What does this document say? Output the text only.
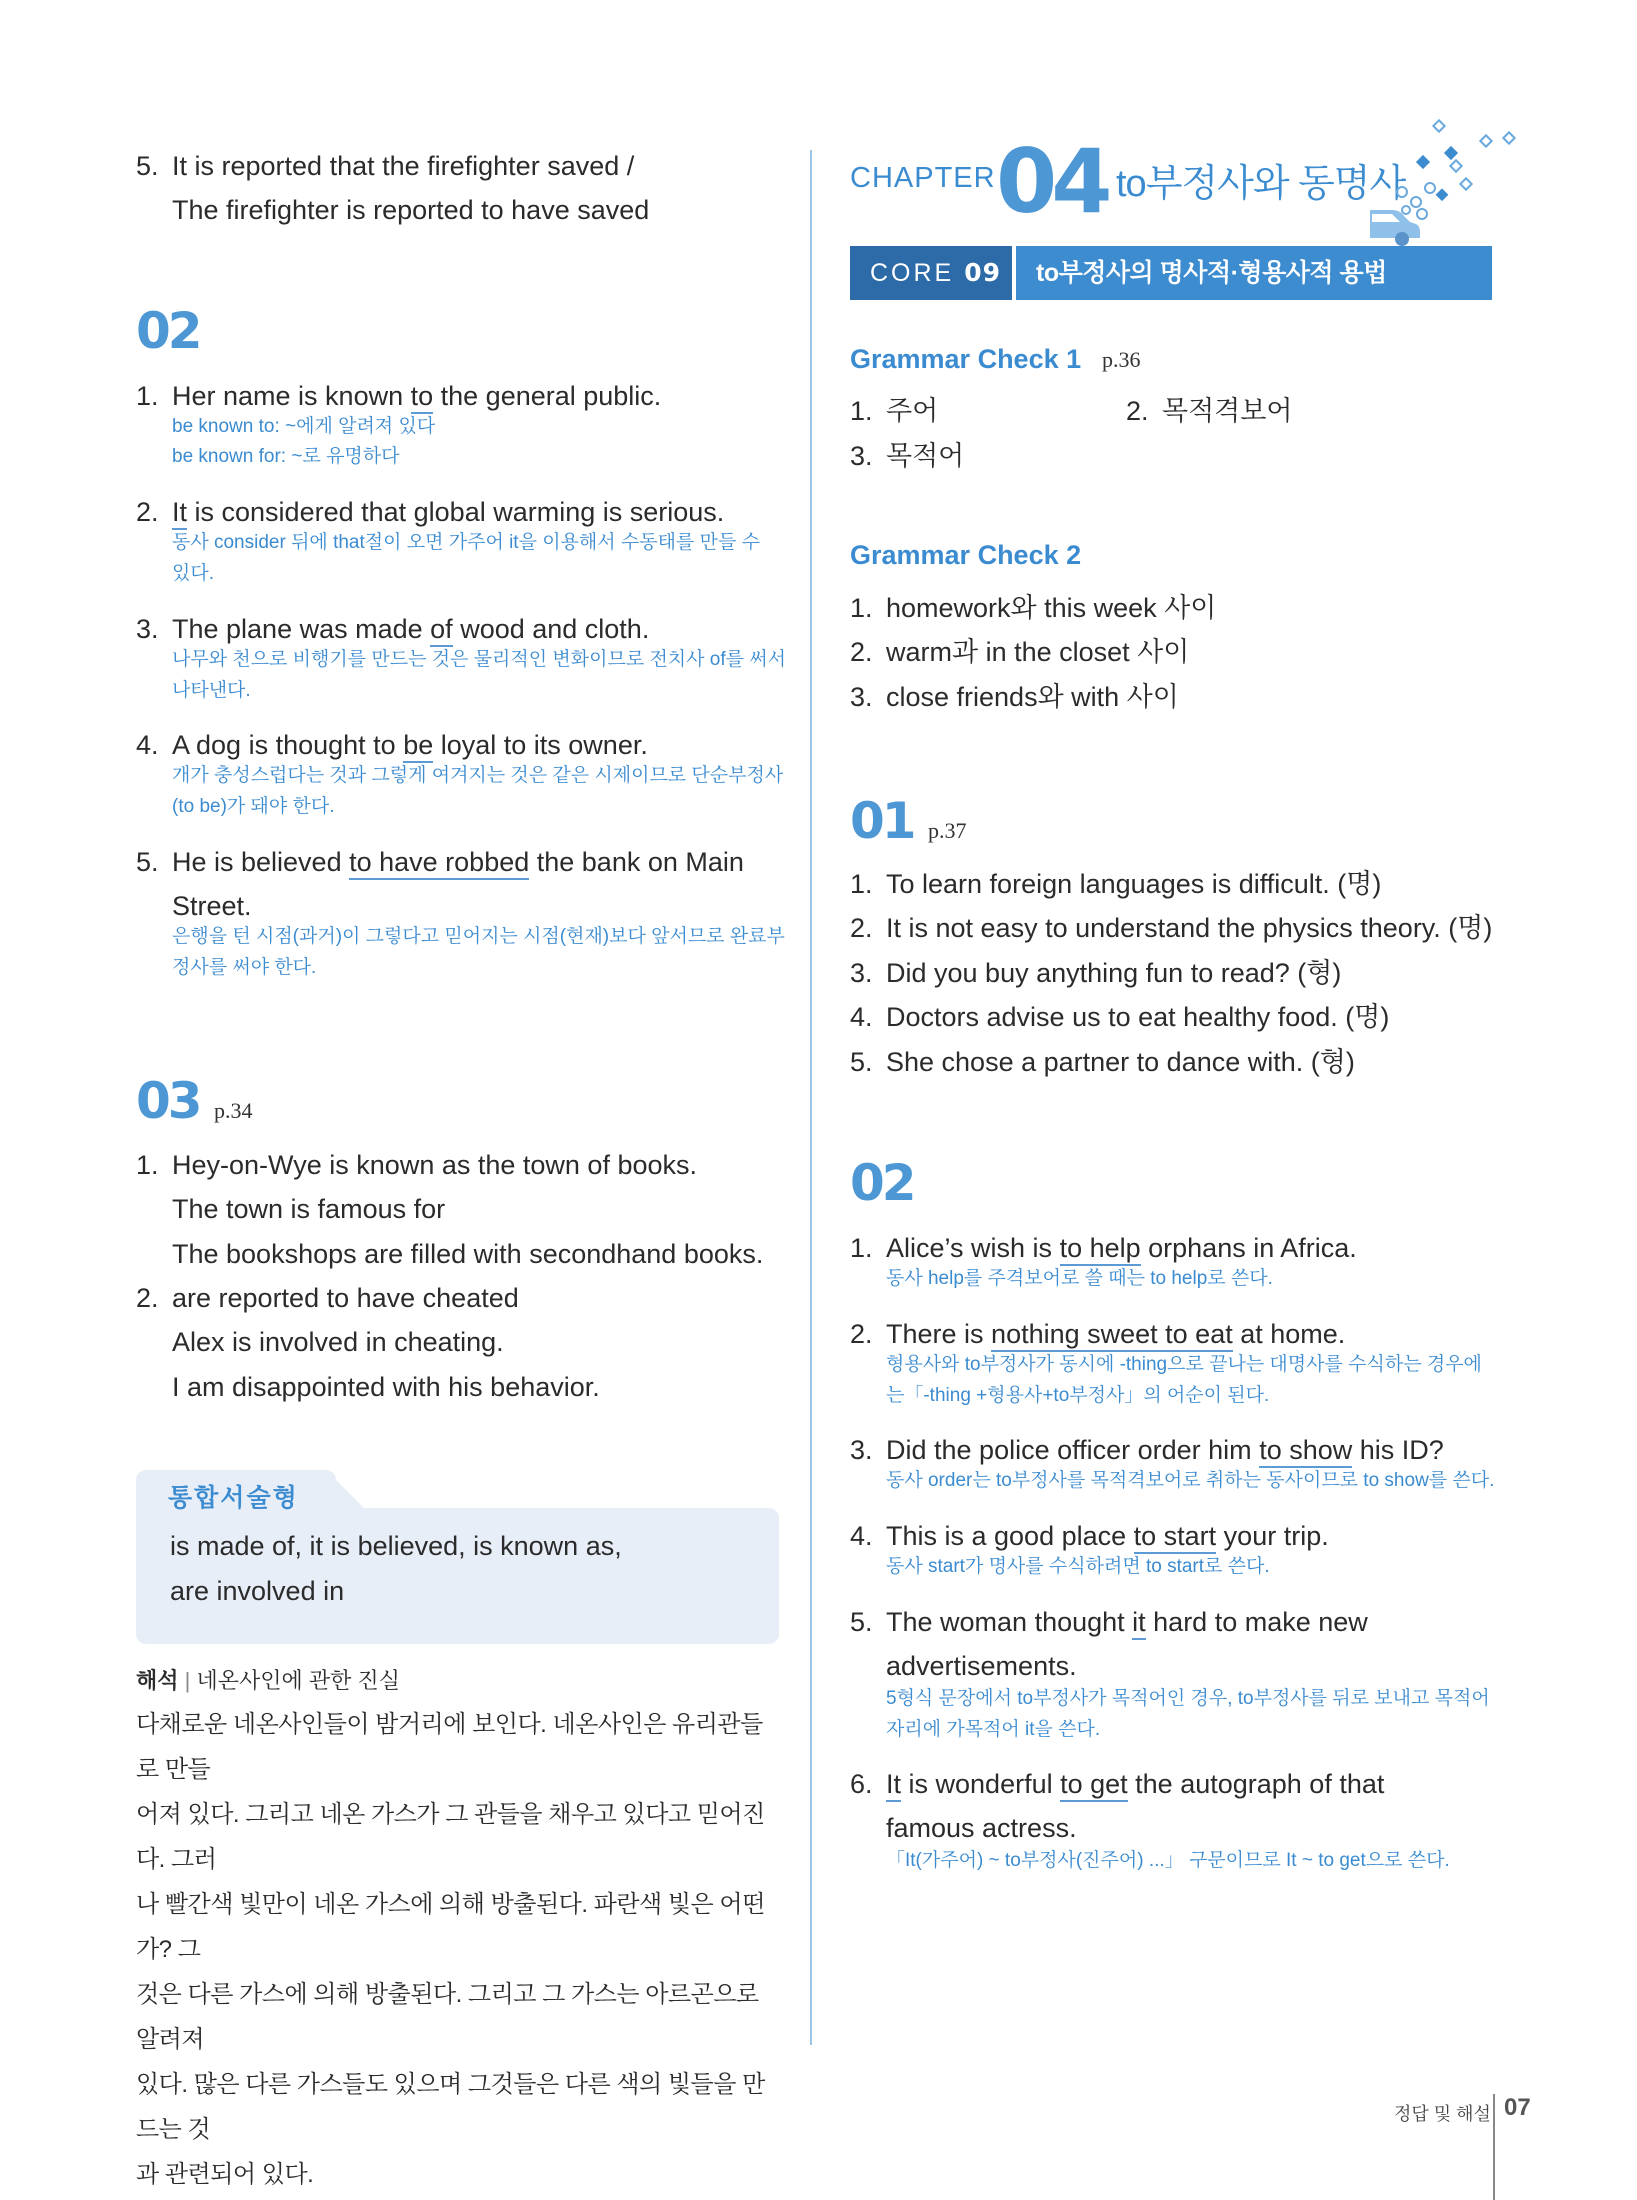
5. It is reported that the firefighter saved /
The firefighter is reported to have saved
02
1. Her name is known to the general public.
be known to: ~에게 알려져 있다
be known for: ~로 유명하다
2. It is considered that global warming is serious.
동사 consider 뒤에 that절이 오면 가주어 it을 이용해서 수동태를 만들 수
있다.
3. The plane was made of wood and cloth.
나무와 천으로 비행기를 만드는 것은 물리적인 변화이므로 전치사 of를 써서
나타낸다.
4. A dog is thought to be loyal to its owner.
개가 충성스럽다는 것과 그렇게 여겨지는 것은 같은 시제이므로 단순부정사
(to be)가 돼야 한다.
5. He is believed to have robbed the bank on Main
Street.
은행을 턴 시점(과거)이 그렇다고 믿어지는 시점(현재)보다 앞서므로 완료부
정사를 써야 한다.
03 p.34
1. Hey-on-Wye is known as the town of books.
The town is famous for
The bookshops are filled with secondhand books.
2. are reported to have cheated
Alex is involved in cheating.
I am disappointed with his behavior.
통합서술형
is made of, it is believed, is known as,
are involved in
해석 | 네온사인에 관한 진실
다채로운 네온사인들이 밤거리에 보인다. 네온사인은 유리관들로 만들
어져 있다. 그리고 네온 가스가 그 관들을 채우고 있다고 믿어진다. 그러
나 빨간색 빛만이 네온 가스에 의해 방출된다. 파란색 빛은 어떤가? 그
것은 다른 가스에 의해 방출된다. 그리고 그 가스는 아르곤으로 알려져
있다. 많은 다른 가스들도 있으며 그것들은 다른 색의 빛들을 만드는 것
과 관련되어 있다.
CHAPTER 04 to부정사와 동명사
CORE 09	to부정사의 명사적·형용사적 용법
Grammar Check 1 p.36
1. 주어	2. 목적격보어
3. 목적어
Grammar Check 2
1. homework와 this week 사이
2. warm과 in the closet 사이
3. close friends와 with 사이
01 p.37
1. To learn foreign languages is difficult. (명)
2. It is not easy to understand the physics theory. (명)
3. Did you buy anything fun to read? (형)
4. Doctors advise us to eat healthy food. (명)
5. She chose a partner to dance with. (형)
02
1. Alice’s wish is to help orphans in Africa.
동사 help를 주격보어로 쓸 때는 to help로 쓴다.
2. There is nothing sweet to eat at home.
형용사와 to부정사가 동시에 -thing으로 끝나는 대명사를 수식하는 경우에
는「-thing +형용사+to부정사」의 어순이 된다.
3. Did the police officer order him to show his ID?
동사 order는 to부정사를 목적격보어로 취하는 동사이므로 to show를 쓴다.
4. This is a good place to start your trip.
동사 start가 명사를 수식하려면 to start로 쓴다.
5. The woman thought it hard to make new
advertisements.
5형식 문장에서 to부정사가 목적어인 경우, to부정사를 뒤로 보내고 목적어
자리에 가목적어 it을 쓴다.
6. It is wonderful to get the autograph of that
famous actress.
「It(가주어) ~ to부정사(진주어) ...」 구문이므로 It ~ to get으로 쓴다.
정답 및 해설 07
